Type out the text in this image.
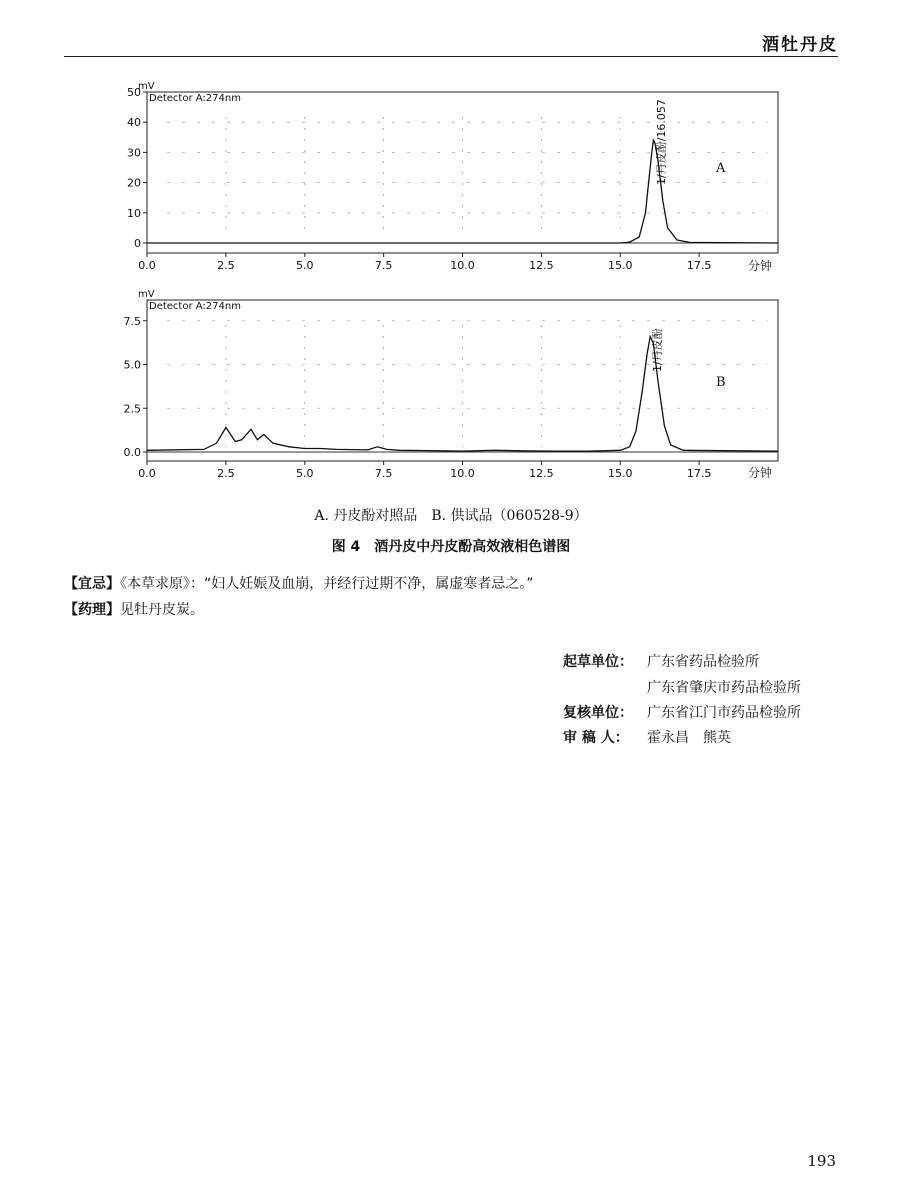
酒牡丹皮
mV
Detector A:274nm
分钟
A
1/丹皮酚/16.057
0.0	2.5	5.0	7.5	10.0	12.5	15.0	17.5
0
10
20
30
40
50
mV
Detector A:274nm
分钟
B
1/丹皮酚
0.0	2.5	5.0	7.5	10.0	12.5	15.0	17.5
0.0
2.5
5.0
7.5
A. 丹皮酚对照品　B. 供试品（060528-9）
图 4　酒丹皮中丹皮酚高效液相色谱图
【宜忌】《本草求原》：“妇人妊娠及血崩，并经行过期不净，属虚寒者忌之。”
【药理】见牡丹皮炭。
起草单位： 广东省药品检验所
广东省肇庆市药品检验所
复核单位： 广东省江门市药品检验所
审 稿 人： 霍永昌　熊英
193
